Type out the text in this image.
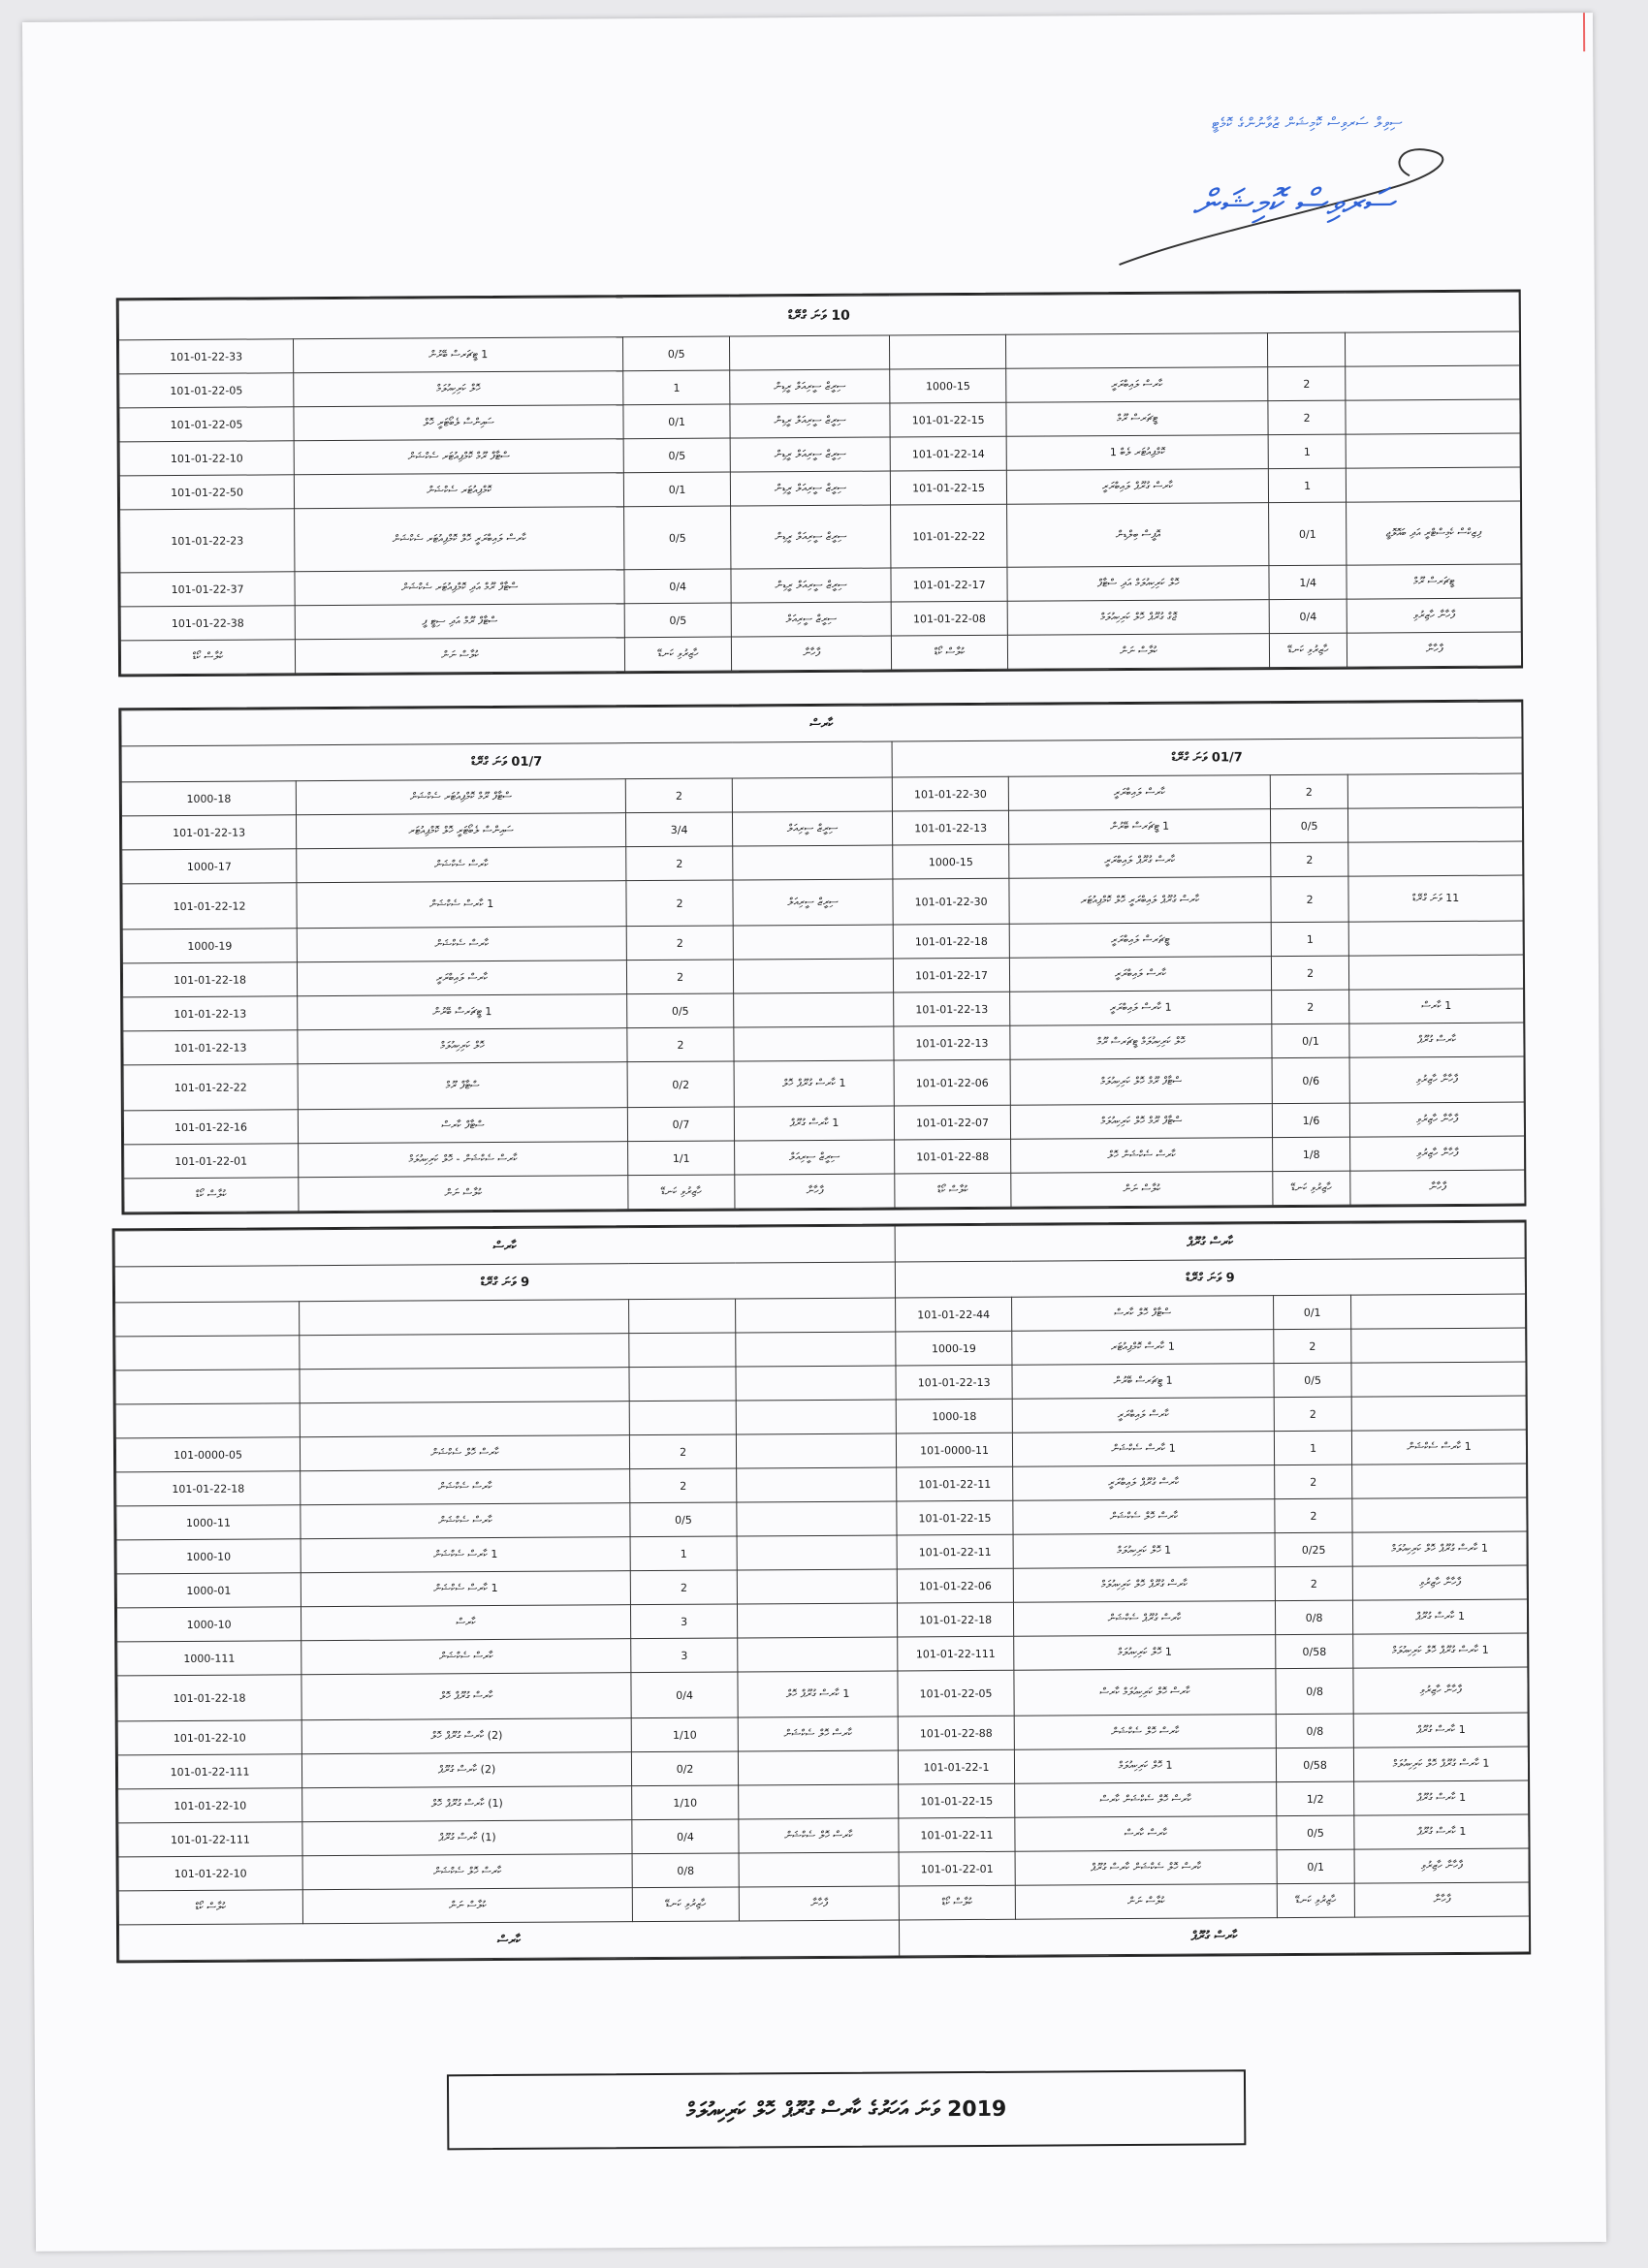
ސިވިލް ސަރވިސް ކޮމިޝަން ޒުވާނުންގެ ކޮމެޓީ
ސަރވިސް ކޮމިޝަން
10 ވަނަ ގްރޭޑް							
					0/5	1 ޓީޗަރސް ބޭރުން	101-01-22-33
	2	ކާރސް ލައިބްރަރީ	1000-15	ސިރީޒް ސީރިއަލް ރީޑިން	1	ހޮލް ކަރިކިއުލަމް	101-01-22-05
	2	ޓީޗަރސް ރޫމް	101-01-22-15	ސިރީޒް ސީރިއަލް ރީޑިން	0/1	ސައިންސް ލެބޯޓަރީ ހޮލް	101-01-22-05
	1	ކޮމްޕިއުޓަރ ލެބް 1	101-01-22-14	ސިރީޒް ސީރިއަލް ރީޑިން	0/5	ސްޓާފް ރޫމް ކޮމްޕިއުޓަރ ސެކްޝަން	101-01-22-10
	1	ކާރސް ގުރޫޕް ލައިބްރަރީ	101-01-22-15	ސިރީޒް ސީރިއަލް ރީޑިން	0/1	ކޮމްޕިއުޓަރ ސެކްޝަން	101-01-22-50
ފިޒިކްސް ކެމިސްޓްރީ އަދި ބައޮލޮޖީ	0/1	އޮފީސް ބިލްޑިން	101-01-22-22	ސިރީޒް ސީރިއަލް ރީޑިން	0/5	ކާރސް ލައިބްރަރީ ހޮލް ކޮމްޕިއުޓަރ ސެކްޝަން	101-01-22-23
ޓީޗަރސް ރޫމް	1/4	ހޮލް ކަރިކިއުލަމް އަދި ސްޓާފް	101-01-22-17	ސިރީޒް ސީރިއަލް ރީޑިން	0/4	ސްޓާފް ރޫމް އަދި ކޮމްޕިއުޓަރ ސެކްޝަން	101-01-22-37
ފާހާނާ ހާޒިރުވި	0/4	ޖޮގް ގުރޫޕް ހޮލް ކަރިކިއުލަމް	101-01-22-08	ސިރީޒް ސީރިއަލް	0/5	ސްޓާފް ރޫމް އަދި ސިޓީ ފީ	101-01-22-38
ފާހާނާ	ހާޒިރުވި ކަނޑޭ	ކުލާސް ނަން	ކުލާސް ކޯޑް	ފާހާނާ	ހާޒިރުވި ކަނޑޭ	ކުލާސް ނަން	ކުލާސް ކޯޑް
ކާރސް							
01/7 ވަނަ ގްރޭޑް				01/7 ވަނަ ގްރޭޑް			
	2	ކާރސް ލައިބްރަރީ	101-01-22-30		2	ސްޓާފް ރޫމް ކޮމްޕިއުޓަރ ސެކްޝަން	1000-18
	0/5	1 ޓީޗަރސް ބޭރުން	101-01-22-13	ސިރީޒް ސީރިއަލް	3/4	ސައިންސް ލެބޯޓަރީ ހޮލް ކޮމްޕިއުޓަރ	101-01-22-13
	2	ކާރސް ގުރޫޕް ލައިބްރަރީ	1000-15		2	ކާރސް ސެކްޝަން	1000-17
11 ވަނަ ގްރޭޑް	2	ކާރސް ގުރޫޕް ލައިބްރަރީ ހޮލް ކޮމްޕިއުޓަރ	101-01-22-30	ސިރީޒް ސީރިއަލް	2	1 ކާރސް ސެކްޝަން	101-01-22-12
	1	ޓީޗަރސް ލައިބްރަރީ	101-01-22-18		2	ކާރސް ސެކްޝަން	1000-19
	2	ކާރސް ލައިބްރަރީ	101-01-22-17		2	ކާރސް ލައިބްރަރީ	101-01-22-18
1 ކާރސް	2	1 ކާރސް ލައިބްރަރީ	101-01-22-13		0/5	1 ޓީޗަރސް ބޭރުން	101-01-22-13
ކާރސް ގުރޫޕް	0/1	ހޮލް ކަރިކިއުލަމް ޓީޗަރސް ރޫމް	101-01-22-13		2	ހޮލް ކަރިކިއުލަމް	101-01-22-13
ފާހާނާ ހާޒިރުވި	0/6	ސްޓާފް ރޫމް ހޮލް ކަރިކިއުލަމް	101-01-22-06	1 ކާރސް ގުރޫޕް ހޮލް	0/2	ސްޓާފް ރޫމް	101-01-22-22
ފާހާނާ ހާޒިރުވި	1/6	ސްޓާފް ރޫމް ހޮލް ކަރިކިއުލަމް	101-01-22-07	1 ކާރސް ގުރޫޕް	0/7	ސްޓާފް ކާރސް	101-01-22-16
ފާހާނާ ހާޒިރުވި	1/8	ކާރސް ސެކްޝަން ހޮލް	101-01-22-88	ސިރީޒް ސީރިއަލް	1/1	ކާރސް ސެކްޝަން - ހޮލް ކަރިކިއުލަމް	101-01-22-01
ފާހާނާ	ހާޒިރުވި ކަނޑޭ	ކުލާސް ނަން	ކުލާސް ކޯޑް	ފާހާނާ	ހާޒިރުވި ކަނޑޭ	ކުލާސް ނަން	ކުލާސް ކޯޑް
ކާރސް ގުރޫޕް				ކާރސް			
9 ވަނަ ގްރޭޑް				9 ވަނަ ގްރޭޑް			
	0/1	ސްޓާފް ހޮލް ކާރސް	101-01-22-44				
	2	1 ކާރސް ކޮމްޕިއުޓަރ	1000-19				
	0/5	1 ޓީޗަރސް ބޭރުން	101-01-22-13				
	2	ކާރސް ލައިބްރަރީ	1000-18				
1 ކާރސް ސެކްޝަން	1	1 ކާރސް ސެކްޝަން	101-0000-11		2	ކާރސް ހޮލް ސެކްޝަން	101-0000-05
	2	ކާރސް ގުރޫޕް ލައިބްރަރީ	101-01-22-11		2	ކާރސް ސެކްޝަން	101-01-22-18
	2	ކާރސް ހޮލް ސެކްޝަން	101-01-22-15		0/5	ކާރސް ސެކްޝަން	1000-11
1 ކާރސް ގުރޫޕް ހޮލް ކަރިކިއުލަމް	0/25	1 ހޮލް ކަރިކިއުލަމް	101-01-22-11		1	1 ކާރސް ސެކްޝަން	1000-10
ފާހާނާ ހާޒިރުވި	2	ކާރސް ގުރޫޕް ހޮލް ކަރިކިއުލަމް	101-01-22-06		2	1 ކާރސް ސެކްޝަން	1000-01
1 ކާރސް ގުރޫޕް	0/8	ކާރސް ގުރޫޕް ސެކްޝަން	101-01-22-18		3	ކާރސް	1000-10
1 ކާރސް ގުރޫޕް ހޮލް ކަރިކިއުލަމް	0/58	1 ހޮލް ކަރިކިއުލަމް	101-01-22-111		3	ކާރސް ސެކްޝަން	1000-111
ފާހާނާ ހާޒިރުވި	0/8	ކާރސް ހޮލް ކަރިކިއުލަމް ކާރސް	101-01-22-05	1 ކާރސް ގުރޫޕް ހޮލް	0/4	ކާރސް ގުރޫޕް ހޮލް	101-01-22-18
1 ކާރސް ގުރޫޕް	0/8	ކާރސް ހޮލް ސެކްޝަން	101-01-22-88	ކާރސް ހޮލް ސެކްޝަން	1/10	(2) ކާރސް ގުރޫޕް ހޮލް	101-01-22-10
1 ކާރސް ގުރޫޕް ހޮލް ކަރިކިއުލަމް	0/58	1 ހޮލް ކަރިކިއުލަމް	101-01-22-1		0/2	(2) ކާރސް ގުރޫޕް	101-01-22-111
1 ކާރސް ގުރޫޕް	1/2	ކާރސް ހޮލް ސެކްޝަން ކާރސް	101-01-22-15		1/10	(1) ކާރސް ގުރޫޕް ހޮލް	101-01-22-10
1 ކާރސް ގުރޫޕް	0/5	ކާރސް ކާރސް	101-01-22-11	ކާރސް ހޮލް ސެކްޝަން	0/4	(1) ކާރސް ގުރޫޕް	101-01-22-111
ފާހާނާ ހާޒިރުވި	0/1	ކާރސް ހޮލް ސެކްޝަން ކާރސް ގުރޫޕް	101-01-22-01		0/8	ކާރސް ހޮލް ސެކްޝަން	101-01-22-10
ފާހާނާ	ހާޒިރުވި ކަނޑޭ	ކުލާސް ނަން	ކުލާސް ކޯޑް	ފާހާނާ	ހާޒިރުވި ކަނޑޭ	ކުލާސް ނަން	ކުލާސް ކޯޑް
ކާރސް ގުރޫޕް				ކާރސް			
2019 ވަނަ އަހަރުގެ ކާރސް ގުރޫޕް ހޮލް ކަރިކިއުލަމް
